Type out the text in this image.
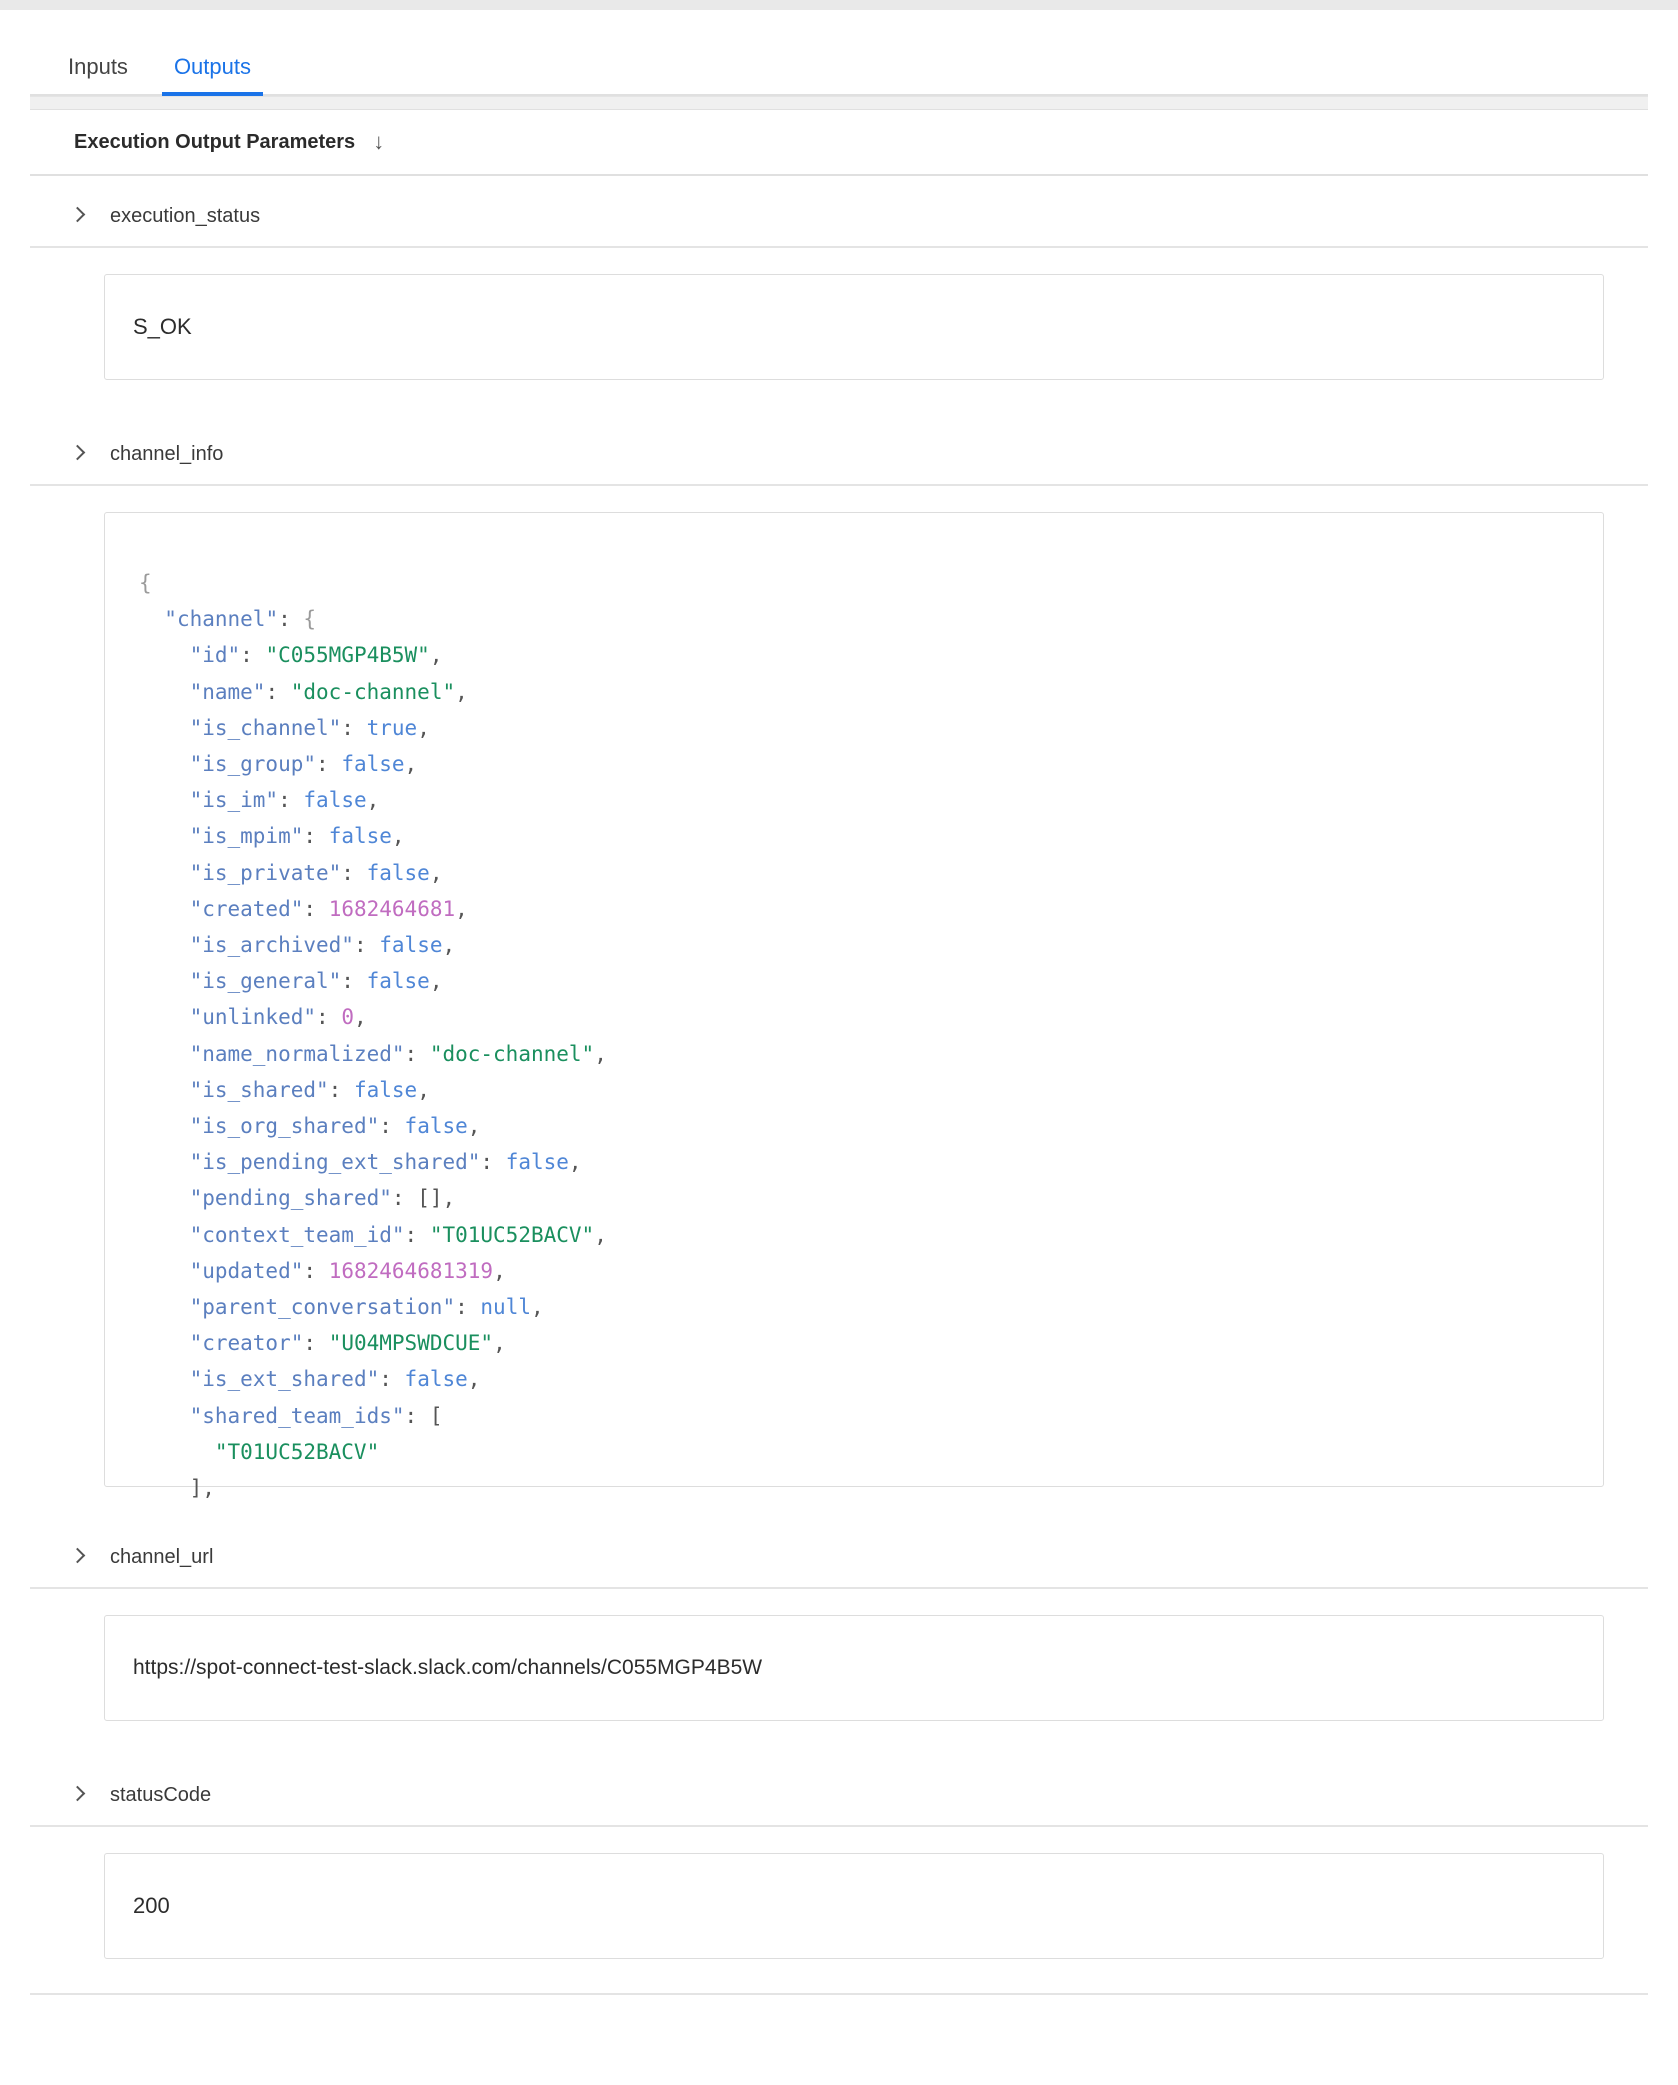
Inputs	Outputs
Execution Output Parameters ↓
execution_status
S_OK
channel_info
{
"channel": {
"id": "C055MGP4B5W",
"name": "doc-channel",
"is_channel": true,
"is_group": false,
"is_im": false,
"is_mpim": false,
"is_private": false,
"created": 1682464681,
"is_archived": false,
"is_general": false,
"unlinked": 0,
"name_normalized": "doc-channel",
"is_shared": false,
"is_org_shared": false,
"is_pending_ext_shared": false,
"pending_shared": [],
"context_team_id": "T01UC52BACV",
"updated": 1682464681319,
"parent_conversation": null,
"creator": "U04MPSWDCUE",
"is_ext_shared": false,
"shared_team_ids": [
"T01UC52BACV"
],
channel_url
https://spot-connect-test-slack.slack.com/channels/C055MGP4B5W
statusCode
200
